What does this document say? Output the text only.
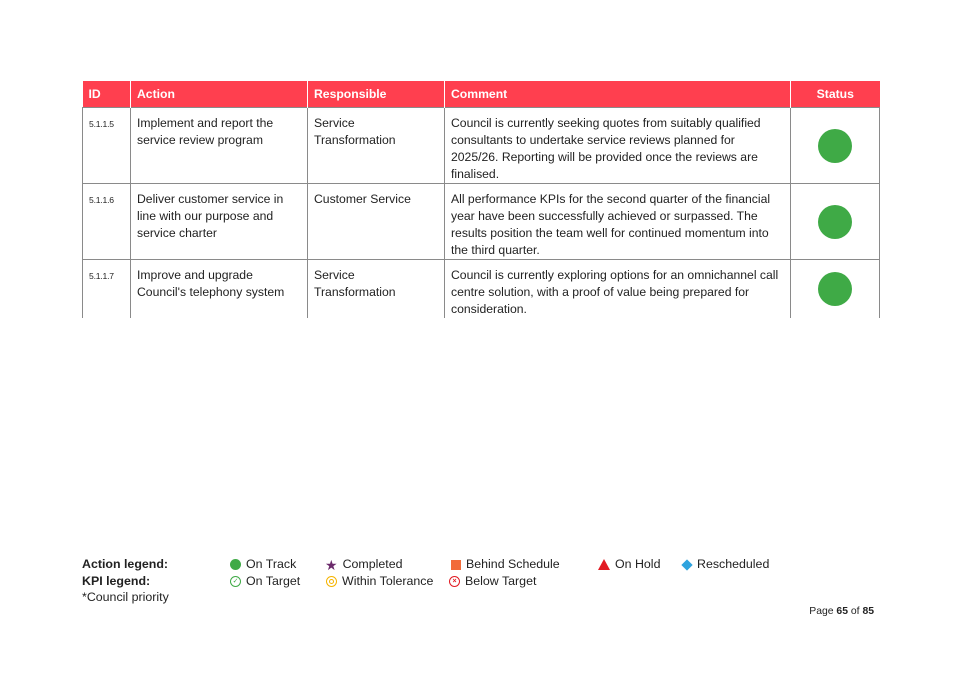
ID	Action	Responsible	Comment	Status
5.1.1.5	Implement and report the service review program	Service Transformation	Council is currently seeking quotes from suitably qualified consultants to undertake service reviews planned for 2025/26. Reporting will be provided once the reviews are finalised.	
5.1.1.6	Deliver customer service in line with our purpose and service charter	Customer Service	All performance KPIs for the second quarter of the financial year have been successfully achieved or surpassed. The results position the team well for continued momentum into the third quarter.	
5.1.1.7	Improve and upgrade Council's telephony system	Service Transformation	Council is currently exploring options for an omnichannel call centre solution, with a proof of value being prepared for consideration.	
Action legend:	On Track ★ Completed	Behind Schedule	On Hold	Rescheduled
KPI legend:	✓ On Target	Within Tolerance	× Below Target
*Council priority
Page 65 of 85
